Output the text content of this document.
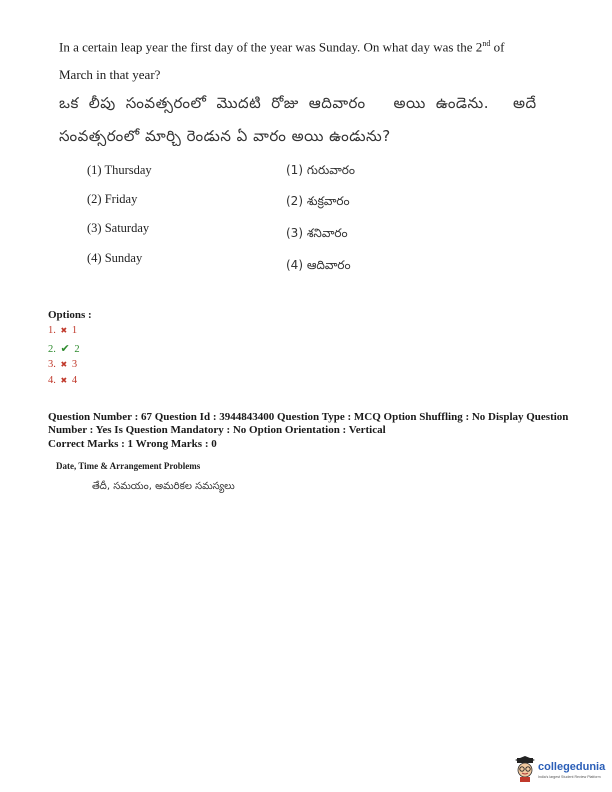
In a certain leap year the first day of the year was Sunday. On what day was the 2nd of
March in that year?
ఒక లీపు సంవత్సరంలో మొదటి రోజు ఆదివారం అయి ఉండెను. అదే
సంవత్సరంలో మార్చి రెండున ఏ వారం అయి ఉండును?
(1) Thursday
(2) Friday
(3) Saturday
(4) Sunday
(1) గురువారం
(2) శుక్రవారం
(3) శనివారం
(4) ఆదివారం
Options :
1. ✖ 1
2. ✔ 2
3. ✖ 3
4. ✖ 4
Question Number : 67 Question Id : 3944843400 Question Type : MCQ Option Shuffling : No Display Question
Number : Yes Is Question Mandatory : No Option Orientation : Vertical
Correct Marks : 1 Wrong Marks : 0
Date, Time & Arrangement Problems
తేదీ, సమయం, అమరికల సమస్యలు
collegedunia
India's largest Student Review Platform
